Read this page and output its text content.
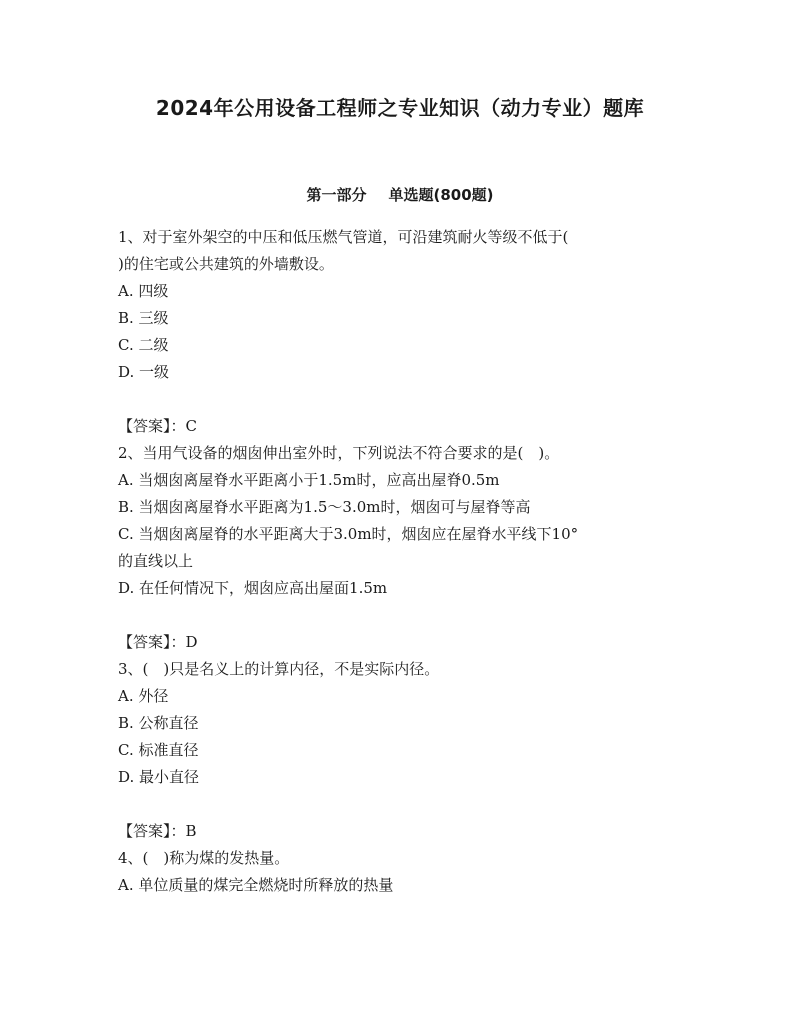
2024年公用设备工程师之专业知识（动力专业）题库
第一部分 单选题(800题)

1、对于室外架空的中压和低压燃气管道，可沿建筑耐火等级不低于(

)的住宅或公共建筑的外墙敷设。

A. 四级

B. 三级

C. 二级

D. 一级

【答案】：C

2、当用气设备的烟囱伸出室外时，下列说法不符合要求的是(　)。

A. 当烟囱离屋脊水平距离小于1.5m时，应高出屋脊0.5m

B. 当烟囱离屋脊水平距离为1.5～3.0m时，烟囱可与屋脊等高

C. 当烟囱离屋脊的水平距离大于3.0m时，烟囱应在屋脊水平线下10°

的直线以上

D. 在任何情况下，烟囱应高出屋面1.5m

【答案】：D

3、(　)只是名义上的计算内径，不是实际内径。

A. 外径

B. 公称直径

C. 标准直径

D. 最小直径

【答案】：B

4、(　)称为煤的发热量。

A. 单位质量的煤完全燃烧时所释放的热量
